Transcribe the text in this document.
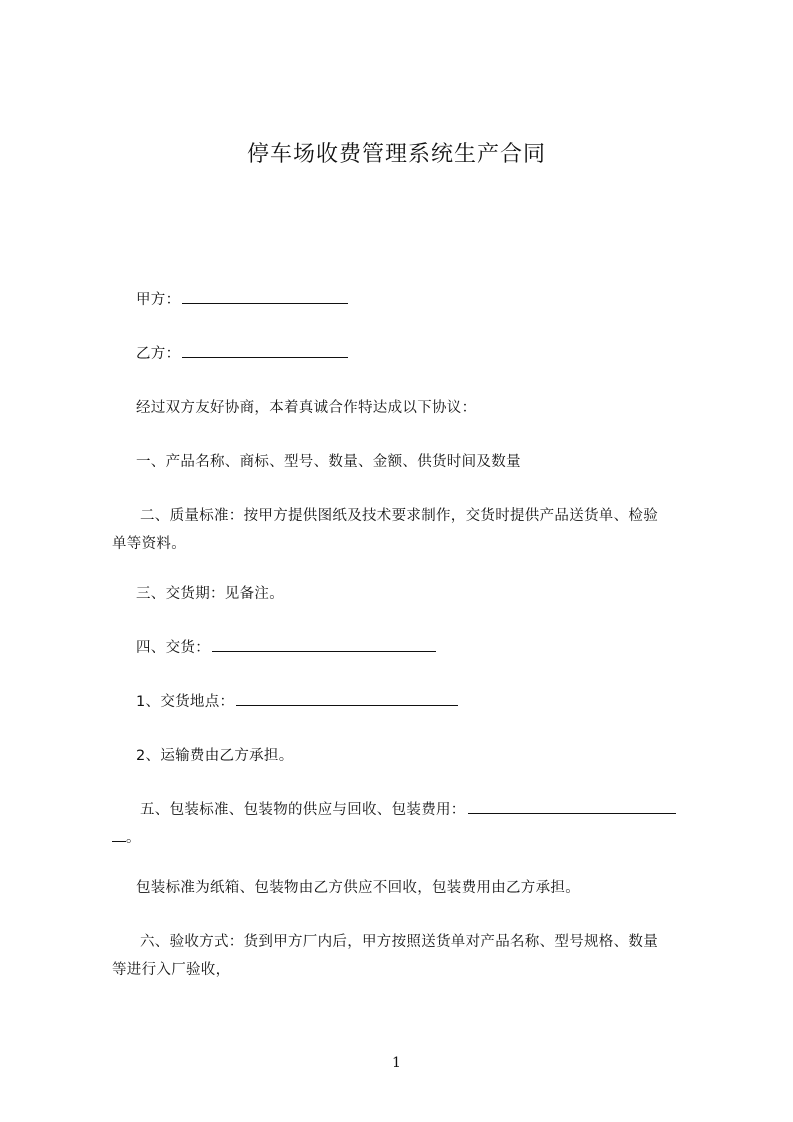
停车场收费管理系统生产合同
甲方：
乙方：
经过双方友好协商，本着真诚合作特达成以下协议：
一、产品名称、商标、型号、数量、金额、供货时间及数量
二、质量标准：按甲方提供图纸及技术要求制作，交货时提供产品送货单、检验
单等资料。
三、交货期：见备注。
四、交货：
1、交货地点：
2、运输费由乙方承担。
五、包装标准、包装物的供应与回收、包装费用：
。
包装标准为纸箱、包装物由乙方供应不回收，包装费用由乙方承担。
六、验收方式：货到甲方厂内后，甲方按照送货单对产品名称、型号规格、数量
等进行入厂验收，
1
